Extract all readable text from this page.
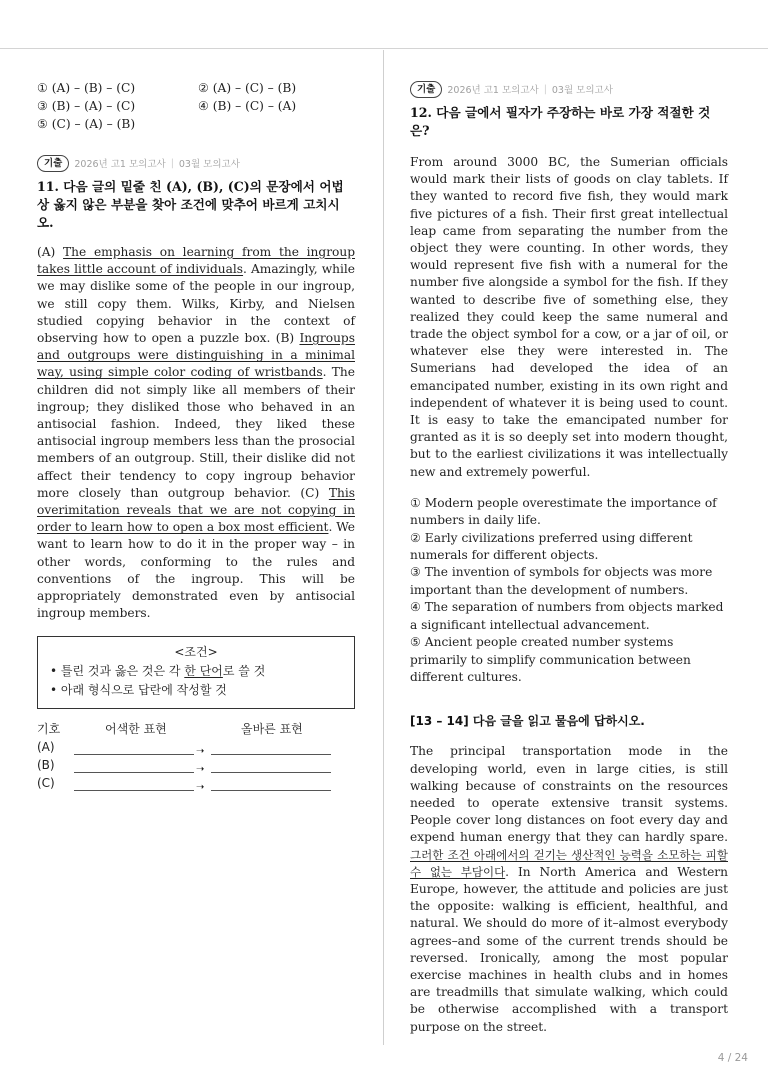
① (A) – (B) – (C)	② (A) – (C) – (B)
③ (B) – (A) – (C)	④ (B) – (C) – (A)
⑤ (C) – (A) – (B)
기출	2026년 고1 모의고사 | 03월 모의고사
11. 다음 글의 밑줄 친 (A), (B), (C)의 문장에서 어법상 옳지 않은 부분을 찾아 조건에 맞추어 바르게 고치시오.

(A) The emphasis on learning from the ingroup takes little account of individuals. Amazingly, while we may dislike some of the people in our ingroup, we still copy them. Wilks, Kirby, and Nielsen studied copying behavior in the context of observing how to open a puzzle box. (B) Ingroups and outgroups were distinguishing in a minimal way, using simple color coding of wristbands. The children did not simply like all members of their ingroup; they disliked those who behaved in an antisocial fashion. Indeed, they liked these antisocial ingroup members less than the prosocial members of an outgroup. Still, their dislike did not affect their tendency to copy ingroup behavior more closely than outgroup behavior. (C) This overimitation reveals that we are not copying in order to learn how to open a box most efficient. We want to learn how to do it in the proper way – in other words, conforming to the rules and conventions of the ingroup. This will be appropriately demonstrated even by antisocial ingroup members.

<조건>
• 틀린 것과 옳은 것은 각 한 단어로 쓸 것
• 아래 형식으로 답란에 작성할 것
기호	어색한 표현	올바른 표현
(A)	➝
(B)	➝
(C)	➝
기출	2026년 고1 모의고사 | 03월 모의고사
12. 다음 글에서 필자가 주장하는 바로 가장 적절한 것은?

From around 3000 BC, the Sumerian officials would mark their lists of goods on clay tablets. If they wanted to record five fish, they would mark five pictures of a fish. Their first great intellectual leap came from separating the number from the object they were counting. In other words, they would represent five fish with a numeral for the number five alongside a symbol for the fish. If they wanted to describe five of something else, they realized they could keep the same numeral and trade the object symbol for a cow, or a jar of oil, or whatever else they were interested in. The Sumerians had developed the idea of an emancipated number, existing in its own right and independent of whatever it is being used to count. It is easy to take the emancipated number for granted as it is so deeply set into modern thought, but to the earliest civilizations it was intellectually new and extremely powerful.

① Modern people overestimate the importance of numbers in daily life.

② Early civilizations preferred using different numerals for different objects.

③ The invention of symbols for objects was more important than the development of numbers.

④ The separation of numbers from objects marked a significant intellectual advancement.

⑤ Ancient people created number systems primarily to simplify communication between different cultures.

[13 – 14] 다음 글을 읽고 물음에 답하시오.

The principal transportation mode in the developing world, even in large cities, is still walking because of constraints on the resources needed to operate extensive transit systems. People cover long distances on foot every day and expend human energy that they can hardly spare. 그러한 조건 아래에서의 걷기는 생산적인 능력을 소모하는 피할 수 없는 부담이다. In North America and Western Europe, however, the attitude and policies are just the opposite: walking is efficient, healthful, and natural. We should do more of it–almost everybody agrees–and some of the current trends should be reversed. Ironically, among the most popular exercise machines in health clubs and in homes are treadmills that simulate walking, which could be otherwise accomplished with a transport purpose on the street.

4 / 24
